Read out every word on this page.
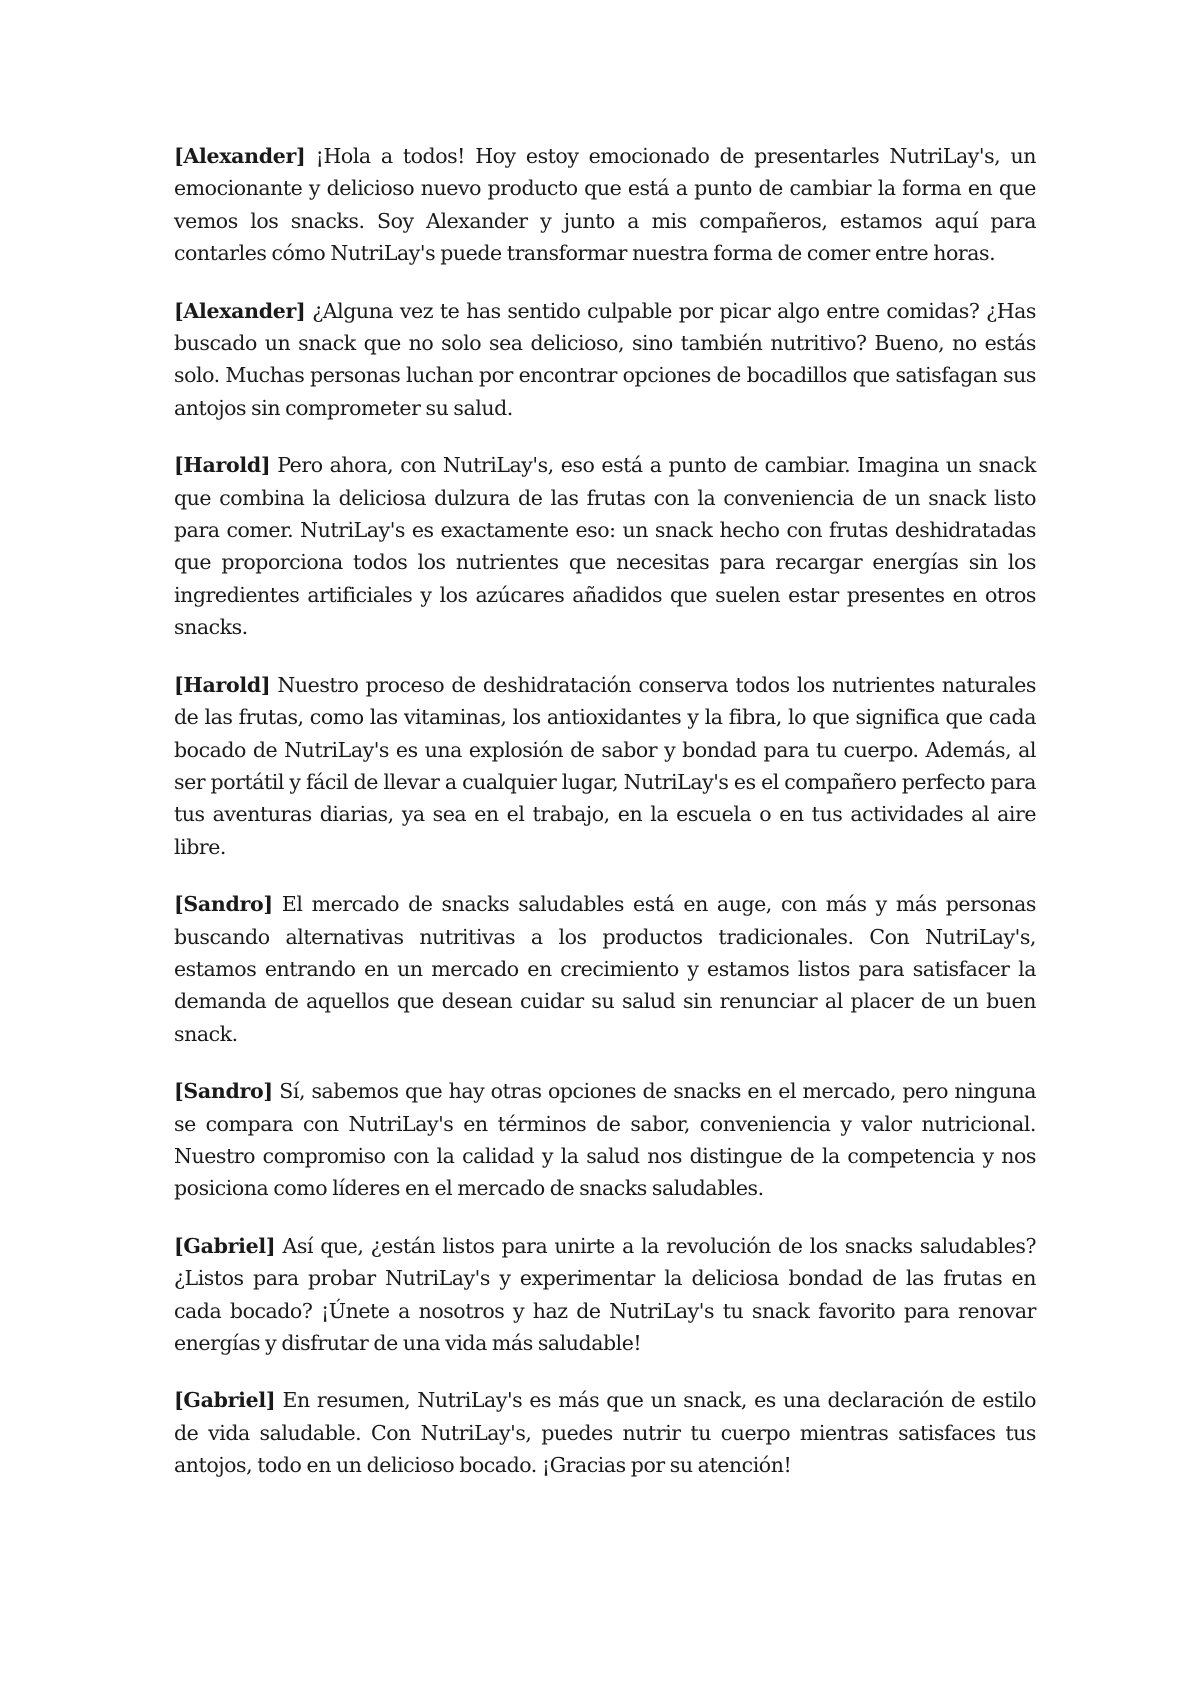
[Alexander] ¡Hola a todos! Hoy estoy emocionado de presentarles NutriLay's, un emocionante y delicioso nuevo producto que está a punto de cambiar la forma en que vemos los snacks. Soy Alexander y junto a mis compañeros, estamos aquí para contarles cómo NutriLay's puede transformar nuestra forma de comer entre horas.

[Alexander] ¿Alguna vez te has sentido culpable por picar algo entre comidas? ¿Has buscado un snack que no solo sea delicioso, sino también nutritivo? Bueno, no estás solo. Muchas personas luchan por encontrar opciones de bocadillos que satisfagan sus antojos sin comprometer su salud.

[Harold] Pero ahora, con NutriLay's, eso está a punto de cambiar. Imagina un snack que combina la deliciosa dulzura de las frutas con la conveniencia de un snack listo para comer. NutriLay's es exactamente eso: un snack hecho con frutas deshidratadas que proporciona todos los nutrientes que necesitas para recargar energías sin los ingredientes artificiales y los azúcares añadidos que suelen estar presentes en otros snacks.

[Harold] Nuestro proceso de deshidratación conserva todos los nutrientes naturales de las frutas, como las vitaminas, los antioxidantes y la fibra, lo que significa que cada bocado de NutriLay's es una explosión de sabor y bondad para tu cuerpo. Además, al ser portátil y fácil de llevar a cualquier lugar, NutriLay's es el compañero perfecto para tus aventuras diarias, ya sea en el trabajo, en la escuela o en tus actividades al aire libre.

[Sandro] El mercado de snacks saludables está en auge, con más y más personas buscando alternativas nutritivas a los productos tradicionales. Con NutriLay's, estamos entrando en un mercado en crecimiento y estamos listos para satisfacer la demanda de aquellos que desean cuidar su salud sin renunciar al placer de un buen snack.

[Sandro] Sí, sabemos que hay otras opciones de snacks en el mercado, pero ninguna se compara con NutriLay's en términos de sabor, conveniencia y valor nutricional. Nuestro compromiso con la calidad y la salud nos distingue de la competencia y nos posiciona como líderes en el mercado de snacks saludables.

[Gabriel] Así que, ¿están listos para unirte a la revolución de los snacks saludables? ¿Listos para probar NutriLay's y experimentar la deliciosa bondad de las frutas en cada bocado? ¡Únete a nosotros y haz de NutriLay's tu snack favorito para renovar energías y disfrutar de una vida más saludable!

[Gabriel] En resumen, NutriLay's es más que un snack, es una declaración de estilo de vida saludable. Con NutriLay's, puedes nutrir tu cuerpo mientras satisfaces tus antojos, todo en un delicioso bocado. ¡Gracias por su atención!
